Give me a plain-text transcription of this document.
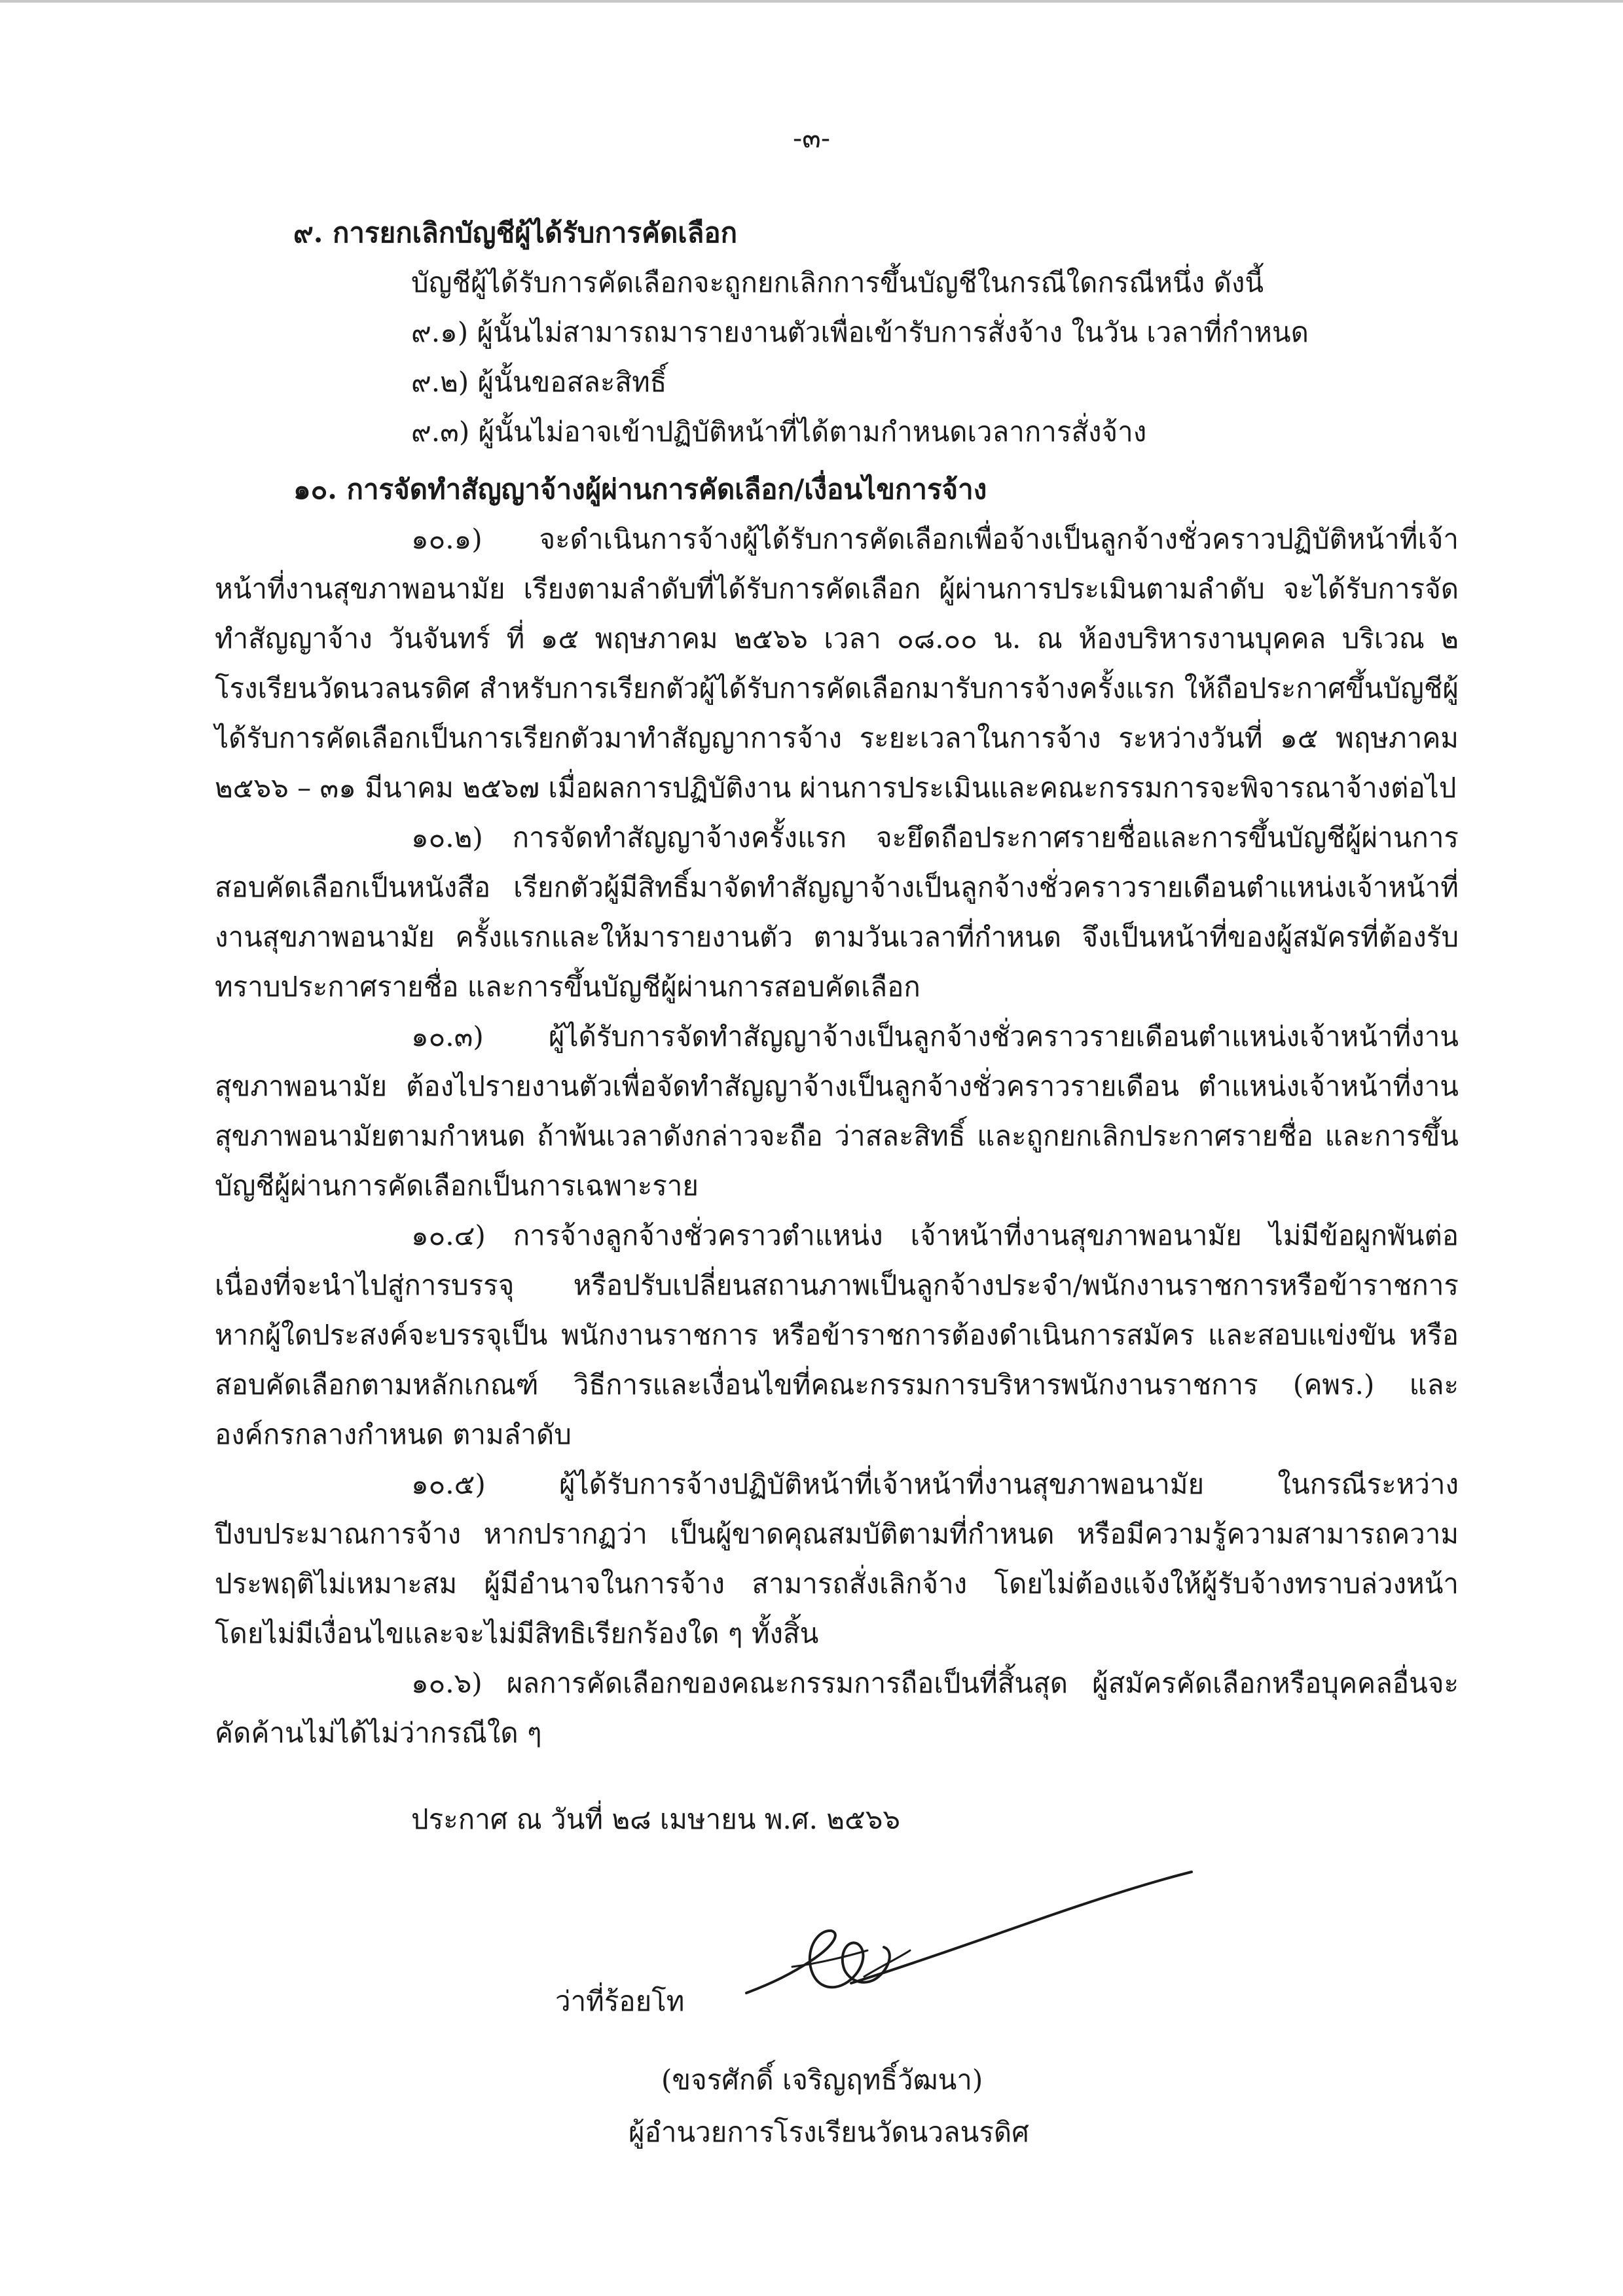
-๓-
๙. การยกเลิกบัญชีผู้ได้รับการคัดเลือก
บัญชีผู้ได้รับการคัดเลือกจะถูกยกเลิกการขึ้นบัญชีในกรณีใดกรณีหนึ่ง ดังนี้
๙.๑) ผู้นั้นไม่สามารถมารายงานตัวเพื่อเข้ารับการสั่งจ้าง ในวัน เวลาที่กำหนด
๙.๒) ผู้นั้นขอสละสิทธิ์
๙.๓) ผู้นั้นไม่อาจเข้าปฏิบัติหน้าที่ได้ตามกำหนดเวลาการสั่งจ้าง
๑๐. การจัดทำสัญญาจ้างผู้ผ่านการคัดเลือก/เงื่อนไขการจ้าง
๑๐.๑) จะดำเนินการจ้างผู้ได้รับการคัดเลือกเพื่อจ้างเป็นลูกจ้างชั่วคราวปฏิบัติหน้าที่เจ้าหน้าที่งานสุขภาพอนามัย เรียงตามลำดับที่ได้รับการคัดเลือก ผู้ผ่านการประเมินตามลำดับ จะได้รับการจัดทำสัญญาจ้าง วันจันทร์ ที่ ๑๕ พฤษภาคม ๒๕๖๖ เวลา ๐๘.๐๐ น. ณ ห้องบริหารงานบุคคล บริเวณ ๒ โรงเรียนวัดนวลนรดิศ สำหรับการเรียกตัวผู้ได้รับการคัดเลือกมารับการจ้างครั้งแรก ให้ถือประกาศขึ้นบัญชีผู้ได้รับการคัดเลือกเป็นการเรียกตัวมาทำสัญญาการจ้าง ระยะเวลาในการจ้าง ระหว่างวันที่ ๑๕ พฤษภาคม ๒๕๖๖ – ๓๑ มีนาคม ๒๕๖๗ เมื่อผลการปฏิบัติงาน ผ่านการประเมินและคณะกรรมการจะพิจารณาจ้างต่อไป
๑๐.๒) การจัดทำสัญญาจ้างครั้งแรก จะยึดถือประกาศรายชื่อและการขึ้นบัญชีผู้ผ่านการสอบคัดเลือกเป็นหนังสือ เรียกตัวผู้มีสิทธิ์มาจัดทำสัญญาจ้างเป็นลูกจ้างชั่วคราวรายเดือนตำแหน่งเจ้าหน้าที่งานสุขภาพอนามัย ครั้งแรกและให้มารายงานตัว ตามวันเวลาที่กำหนด จึงเป็นหน้าที่ของผู้สมัครที่ต้องรับทราบประกาศรายชื่อ และการขึ้นบัญชีผู้ผ่านการสอบคัดเลือก
๑๐.๓) ผู้ได้รับการจัดทำสัญญาจ้างเป็นลูกจ้างชั่วคราวรายเดือนตำแหน่งเจ้าหน้าที่งานสุขภาพอนามัย ต้องไปรายงานตัวเพื่อจัดทำสัญญาจ้างเป็นลูกจ้างชั่วคราวรายเดือน ตำแหน่งเจ้าหน้าที่งานสุขภาพอนามัยตามกำหนด ถ้าพ้นเวลาดังกล่าวจะถือ ว่าสละสิทธิ์ และถูกยกเลิกประกาศรายชื่อ และการขึ้นบัญชีผู้ผ่านการคัดเลือกเป็นการเฉพาะราย
๑๐.๔) การจ้างลูกจ้างชั่วคราวตำแหน่ง เจ้าหน้าที่งานสุขภาพอนามัย ไม่มีข้อผูกพันต่อเนื่องที่จะนำไปสู่การบรรจุ หรือปรับเปลี่ยนสถานภาพเป็นลูกจ้างประจำ/พนักงานราชการหรือข้าราชการ หากผู้ใดประสงค์จะบรรจุเป็น พนักงานราชการ หรือข้าราชการต้องดำเนินการสมัคร และสอบแข่งขัน หรือสอบคัดเลือกตามหลักเกณฑ์ วิธีการและเงื่อนไขที่คณะกรรมการบริหารพนักงานราชการ (คพร.) และองค์กรกลางกำหนด ตามลำดับ
๑๐.๕) ผู้ได้รับการจ้างปฏิบัติหน้าที่เจ้าหน้าที่งานสุขภาพอนามัย ในกรณีระหว่างปีงบประมาณการจ้าง หากปรากฏว่า เป็นผู้ขาดคุณสมบัติตามที่กำหนด หรือมีความรู้ความสามารถความประพฤติไม่เหมาะสม ผู้มีอำนาจในการจ้าง สามารถสั่งเลิกจ้าง โดยไม่ต้องแจ้งให้ผู้รับจ้างทราบล่วงหน้า โดยไม่มีเงื่อนไขและจะไม่มีสิทธิเรียกร้องใด ๆ ทั้งสิ้น
๑๐.๖) ผลการคัดเลือกของคณะกรรมการถือเป็นที่สิ้นสุด ผู้สมัครคัดเลือกหรือบุคคลอื่นจะคัดค้านไม่ได้ไม่ว่ากรณีใด ๆ
ประกาศ ณ วันที่ ๒๘ เมษายน พ.ศ. ๒๕๖๖
ว่าที่ร้อยโท
(ขจรศักดิ์ เจริญฤทธิ์วัฒนา)
ผู้อำนวยการโรงเรียนวัดนวลนรดิศ
